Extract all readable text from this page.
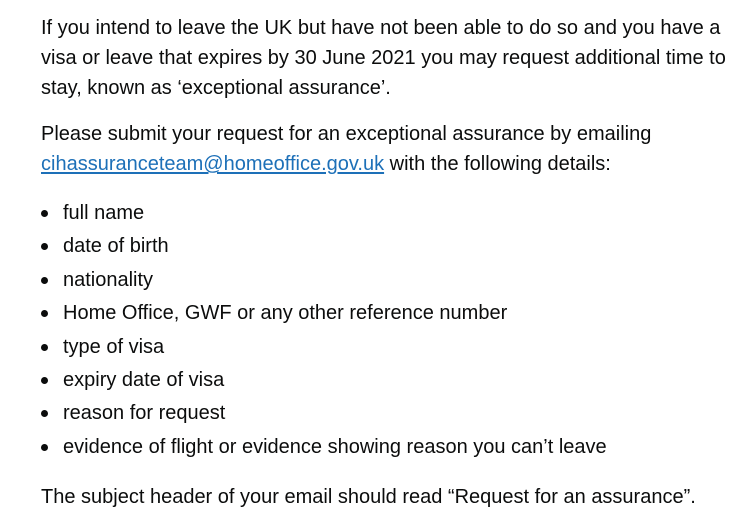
If you intend to leave the UK but have not been able to do so and you have a visa or leave that expires by 30 June 2021 you may request additional time to stay, known as ‘exceptional assurance’.

Please submit your request for an exceptional assurance by emailing cihassuranceteam@homeoffice.gov.uk with the following details:

full name
date of birth
nationality
Home Office, GWF or any other reference number
type of visa
expiry date of visa
reason for request
evidence of flight or evidence showing reason you can’t leave

The subject header of your email should read “Request for an assurance”.
